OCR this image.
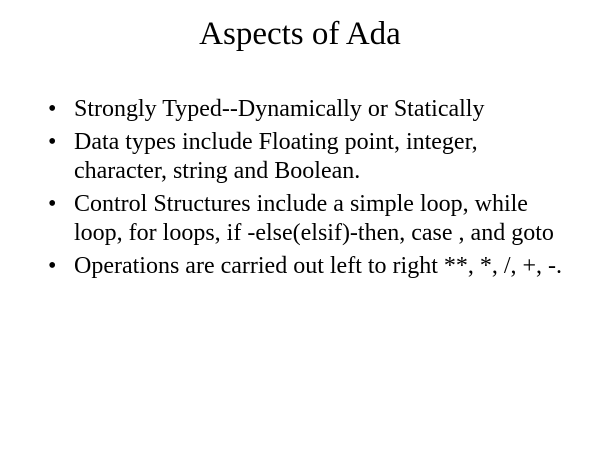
Aspects of Ada
• Strongly Typed--Dynamically or Statically
• Data types include Floating point, integer, character, string and Boolean.
• Control Structures include a simple loop, while loop, for loops, if -else(elsif)-then, case , and goto
• Operations are carried out left to right **, *, /, +, -.
